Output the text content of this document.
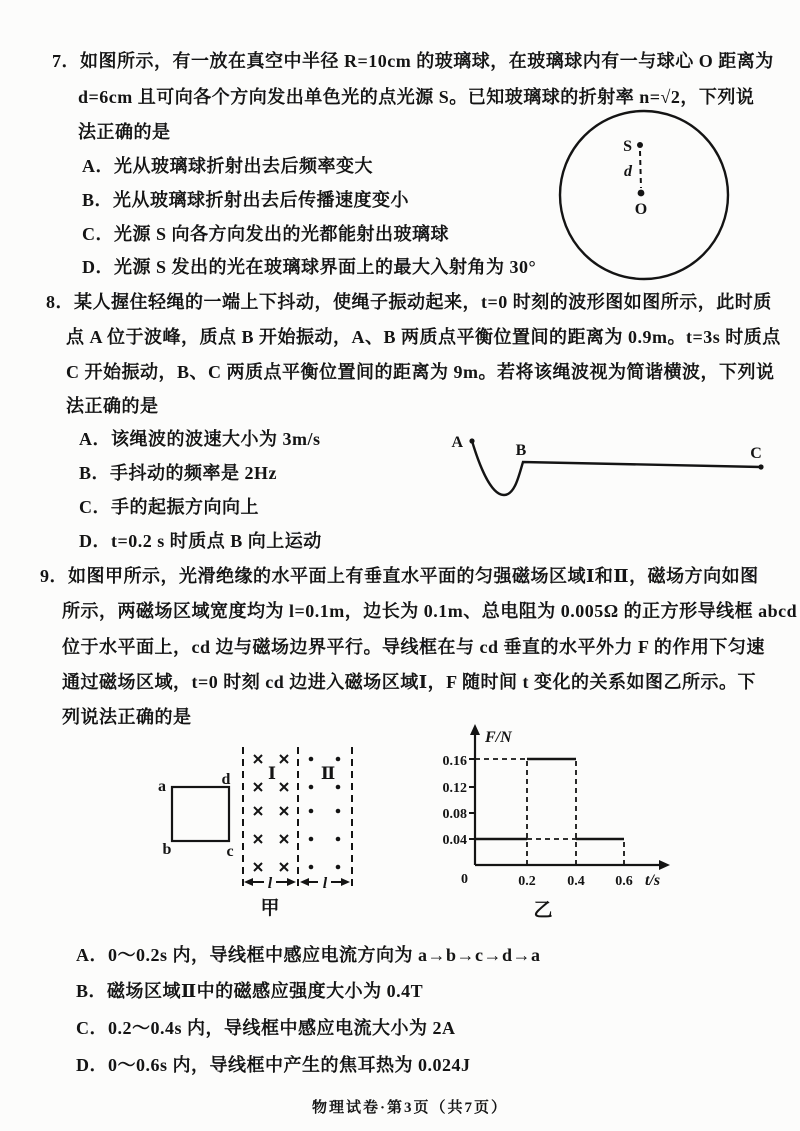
7．如图所示，有一放在真空中半径 R=10cm 的玻璃球，在玻璃球内有一与球心 O 距离为
d=6cm 且可向各个方向发出单色光的点光源 S。已知玻璃球的折射率 n=√2，下列说
法正确的是
A．光从玻璃球折射出去后频率变大
B．光从玻璃球折射出去后传播速度变小
C．光源 S 向各方向发出的光都能射出玻璃球
D．光源 S 发出的光在玻璃球界面上的最大入射角为 30°
S
d
O
8．某人握住轻绳的一端上下抖动，使绳子振动起来，t=0 时刻的波形图如图所示，此时质
点 A 位于波峰，质点 B 开始振动，A、B 两质点平衡位置间的距离为 0.9m。t=3s 时质点
C 开始振动，B、C 两质点平衡位置间的距离为 9m。若将该绳波视为简谐横波，下列说
法正确的是
A．该绳波的波速大小为 3m/s
B．手抖动的频率是 2Hz
C．手的起振方向向上
D．t=0.2 s 时质点 B 向上运动
A	B	C
9．如图甲所示，光滑绝缘的水平面上有垂直水平面的匀强磁场区域Ⅰ和Ⅱ，磁场方向如图
所示，两磁场区域宽度均为 l=0.1m，边长为 0.1m、总电阻为 0.005Ω 的正方形导线框 abcd
位于水平面上，cd 边与磁场边界平行。导线框在与 cd 垂直的水平外力 F 的作用下匀速
通过磁场区域，t=0 时刻 cd 边进入磁场区域Ⅰ，F 随时间 t 变化的关系如图乙所示。下
列说法正确的是
A．0～0.2s 内，导线框中感应电流方向为 a→b→c→d→a
B．磁场区域Ⅱ中的磁感应强度大小为 0.4T
C．0.2～0.4s 内，导线框中感应电流大小为 2A
D．0～0.6s 内，导线框中产生的焦耳热为 0.024J
a	d
b	c
Ⅰ	Ⅱ
l	l
甲
F/N
t/s
0.16
0.12
0.08
0.04
0	0.2 0.4 0.6
乙
物理试卷·第3页（共7页）
